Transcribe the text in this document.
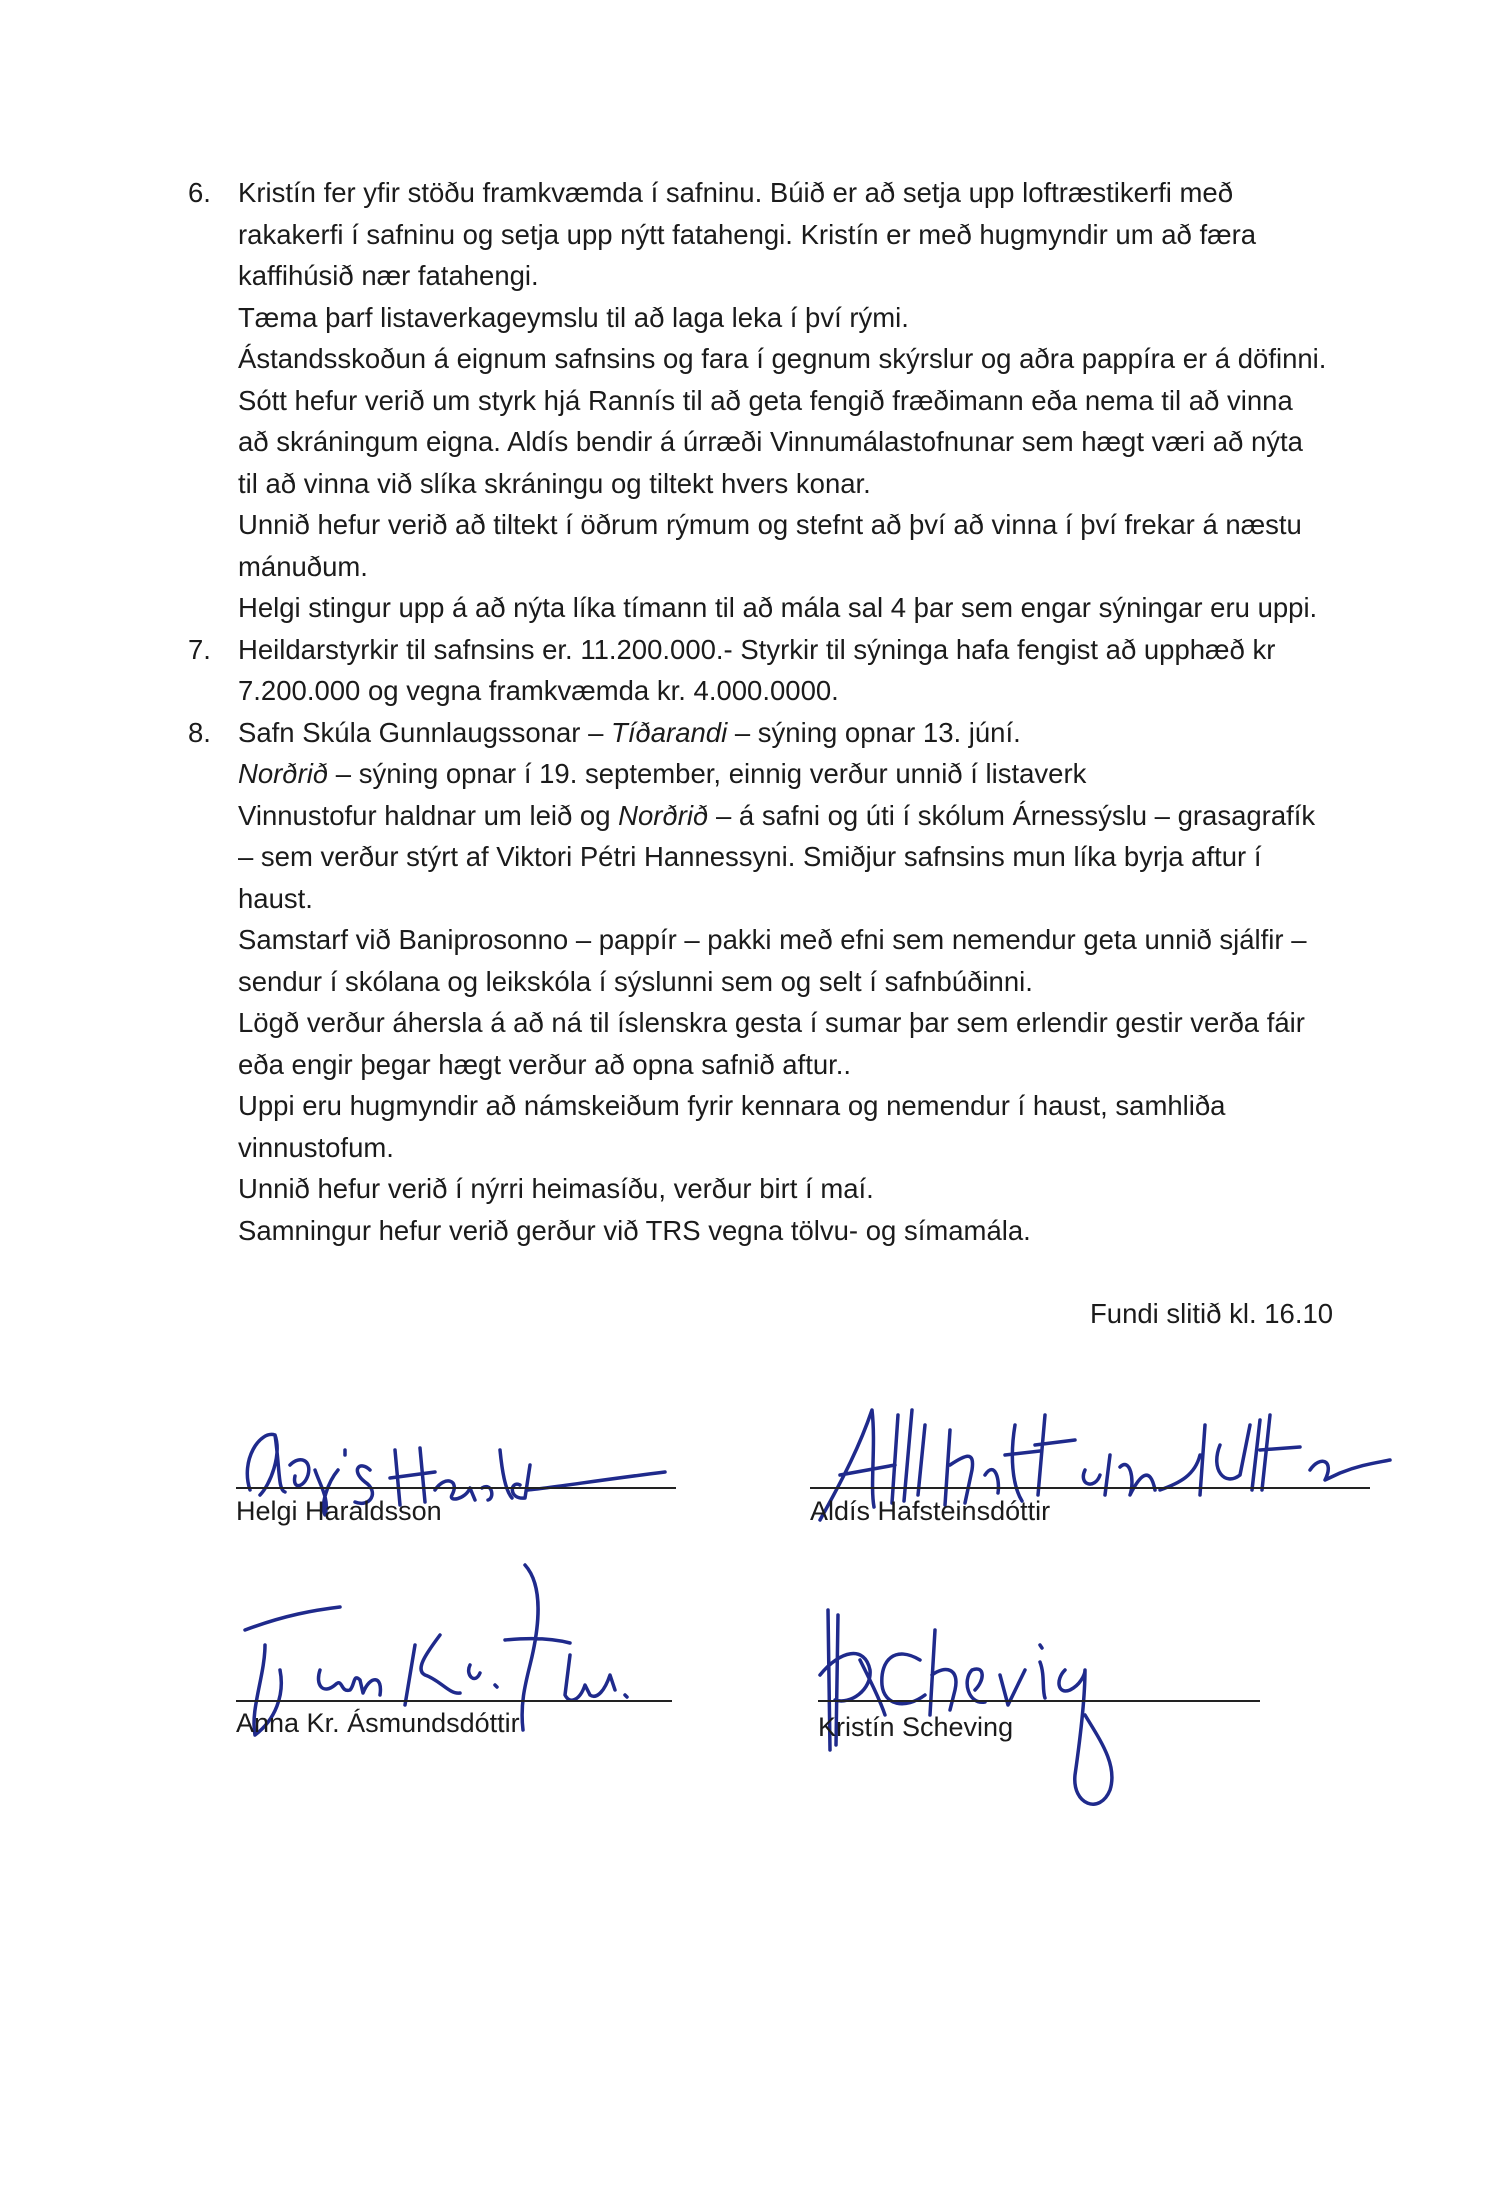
6. Kristín fer yfir stöðu framkvæmda í safninu. Búið er að setja upp loftræstikerfi með
rakakerfi í safninu og setja upp nýtt fatahengi. Kristín er með hugmyndir um að færa
kaffihúsið nær fatahengi.
Tæma þarf listaverkageymslu til að laga leka í því rými.
Ástandsskoðun á eignum safnsins og fara í gegnum skýrslur og aðra pappíra er á döfinni.
Sótt hefur verið um styrk hjá Rannís til að geta fengið fræðimann eða nema til að vinna
að skráningum eigna. Aldís bendir á úrræði Vinnumálastofnunar sem hægt væri að nýta
til að vinna við slíka skráningu og tiltekt hvers konar.
Unnið hefur verið að tiltekt í öðrum rýmum og stefnt að því að vinna í því frekar á næstu
mánuðum.
Helgi stingur upp á að nýta líka tímann til að mála sal 4 þar sem engar sýningar eru uppi.
7. Heildarstyrkir til safnsins er. 11.200.000.- Styrkir til sýninga hafa fengist að upphæð kr
7.200.000 og vegna framkvæmda kr. 4.000.0000.
8. Safn Skúla Gunnlaugssonar – Tíðarandi – sýning opnar 13. júní.
Norðrið – sýning opnar í 19. september, einnig verður unnið í listaverk
Vinnustofur haldnar um leið og Norðrið – á safni og úti í skólum Árnessýslu – grasagrafík
– sem verður stýrt af Viktori Pétri Hannessyni. Smiðjur safnsins mun líka byrja aftur í
haust.
Samstarf við Baniprosonno – pappír – pakki með efni sem nemendur geta unnið sjálfir –
sendur í skólana og leikskóla í sýslunni sem og selt í safnbúðinni.
Lögð verður áhersla á að ná til íslenskra gesta í sumar þar sem erlendir gestir verða fáir
eða engir þegar hægt verður að opna safnið aftur..
Uppi eru hugmyndir að námskeiðum fyrir kennara og nemendur í haust, samhliða
vinnustofum.
Unnið hefur verið í nýrri heimasíðu, verður birt í maí.
Samningur hefur verið gerður við TRS vegna tölvu- og símamála.
Fundi slitið kl. 16.10
Helgi Haraldsson	Aldís Hafsteinsdóttir
Anna Kr. Ásmundsdóttir	Kristín Scheving
